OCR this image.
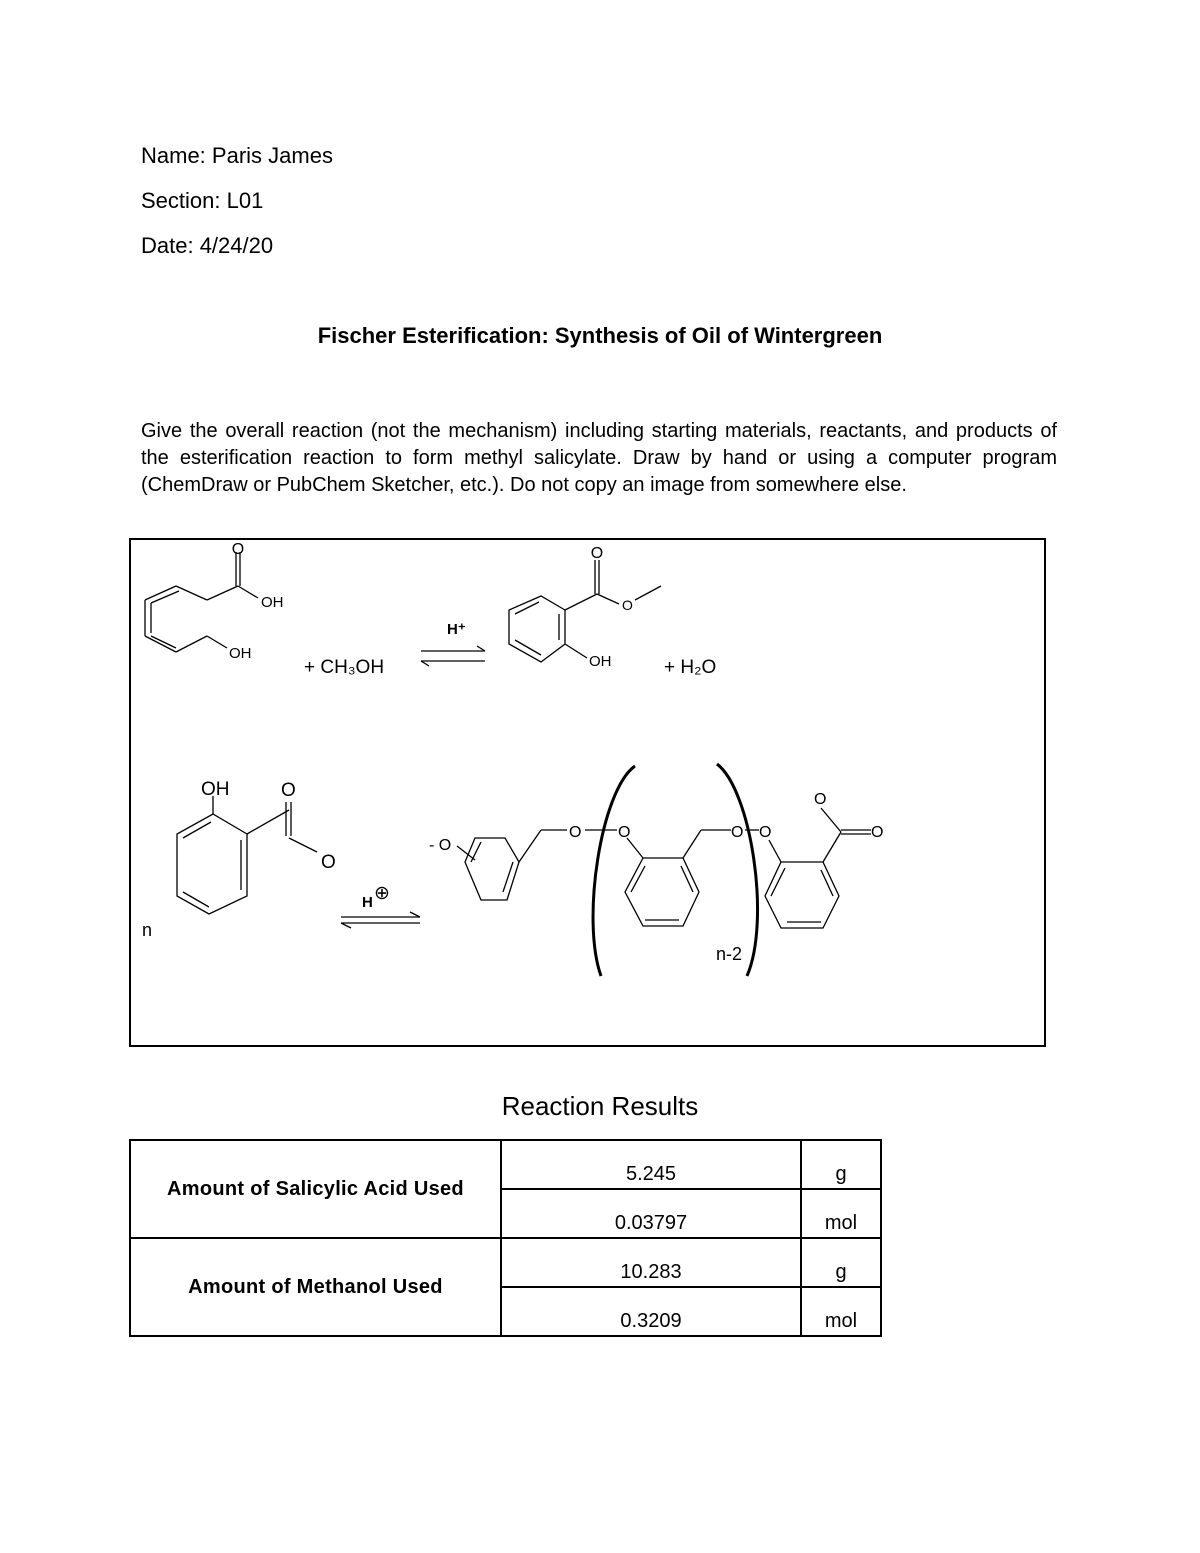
Name: Paris James
Section: L01
Date: 4/24/20
Fischer Esterification: Synthesis of Oil of Wintergreen
Give the overall reaction (not the mechanism) including starting materials, reactants, and products of the esterification reaction to form methyl salicylate. Draw by hand or using a computer program (ChemDraw or PubChem Sketcher, etc.). Do not copy an image from somewhere else.
O
OH
OH
+ CH₃OH
H⁺
O
O
OH	+ H₂O
OH	O
O
n
H ⊕
- O
O O	O O
n-2
O
O
Reaction Results
Amount of Salicylic Acid Used	5.245	g
	0.03797	mol
Amount of Methanol Used	10.283	g
	0.3209	mol
